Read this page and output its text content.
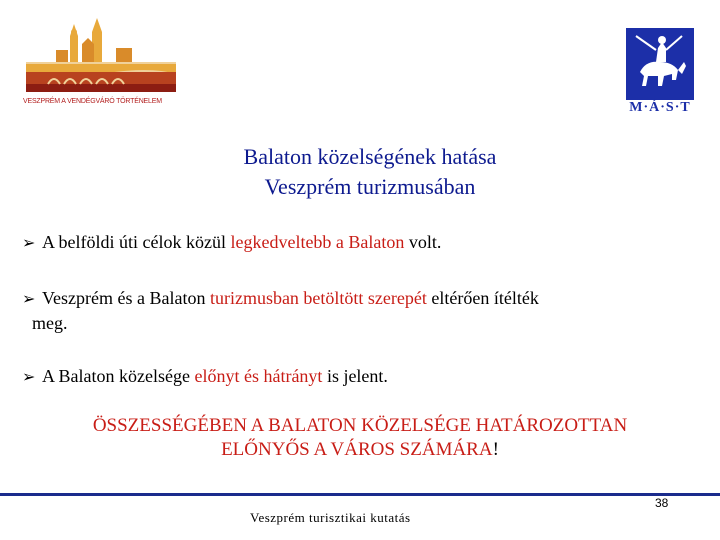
VESZPRÉM A VENDÉGVÁRÓ TÖRTÉNELEM	M·Á·S·T
Balaton közelségének hatása
Veszprém turizmusában
➢ A belföldi úti célok közül legkedveltebb a Balaton volt.
➢ Veszprém és a Balaton turizmusban betöltött szerepét eltérően ítélték
meg.
➢ A Balaton közelsége előnyt és hátrányt is jelent.
ÖSSZESSÉGÉBEN A BALATON KÖZELSÉGE HATÁROZOTTAN
ELŐNYŐS A VÁROS SZÁMÁRA!
Veszprém turisztikai kutatás
38
